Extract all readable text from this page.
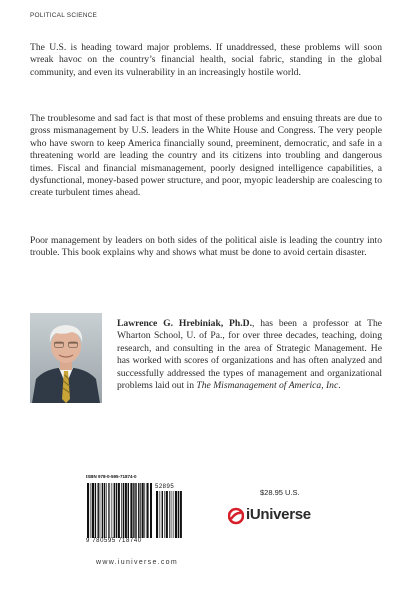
POLITICAL SCIENCE

The U.S. is heading toward major problems. If unaddressed, these problems will soon wreak havoc on the country’s financial health, social fabric, standing in the global community, and even its vulnerability in an increasingly hostile world.

The troublesome and sad fact is that most of these problems and ensuing threats are due to gross mismanagement by U.S. leaders in the White House and Congress. The very people who have sworn to keep America financially sound, preeminent, democratic, and safe in a threatening world are leading the country and its citizens into troubling and dangerous times. Fiscal and financial mismanagement, poorly designed intelligence capabilities, a dysfunctional, money-based power structure, and poor, myopic leadership are coalescing to create turbulent times ahead.

Poor management by leaders on both sides of the political aisle is leading the country into trouble. This book explains why and shows what must be done to avoid certain disaster.

Lawrence G. Hrebiniak, Ph.D., has been a professor at The Wharton School, U. of Pa., for over three decades, teaching, doing research, and consulting in the area of Strategic Management. He has worked with scores of organizations and has often analyzed and successfully addressed the types of management and organizational problems laid out in The Mismanagement of America, Inc.

ISBN 978-0-595-71874-0
52895
9 780595 718740
www.iuniverse.com
$28.95 U.S.
iUniverse
